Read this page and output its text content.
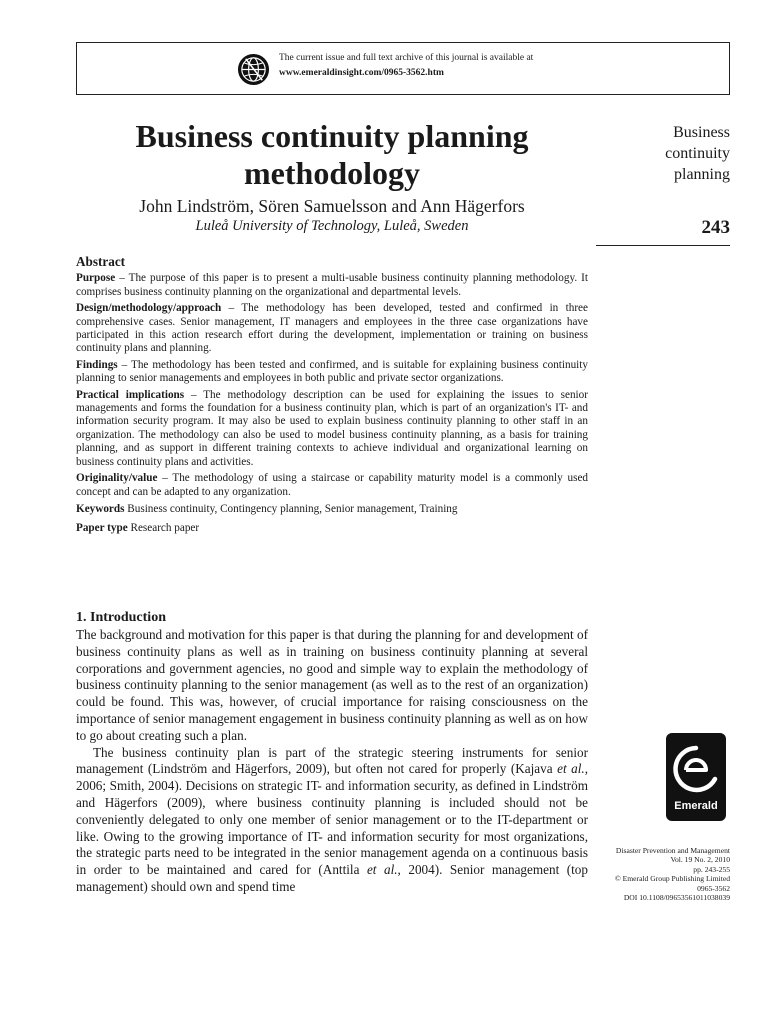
The current issue and full text archive of this journal is available at
www.emeraldinsight.com/0965-3562.htm
Business continuity planning methodology
John Lindström, Sören Samuelsson and Ann Hägerfors
Luleå University of Technology, Luleå, Sweden
Business
continuity
planning
243
Abstract
Purpose – The purpose of this paper is to present a multi-usable business continuity planning methodology. It comprises business continuity planning on the organizational and departmental levels.
Design/methodology/approach – The methodology has been developed, tested and confirmed in three comprehensive cases. Senior management, IT managers and employees in the three case organizations have participated in this action research effort during the development, implementation or training on business continuity plans and planning.
Findings – The methodology has been tested and confirmed, and is suitable for explaining business continuity planning to senior managements and employees in both public and private sector organizations.
Practical implications – The methodology description can be used for explaining the issues to senior managements and forms the foundation for a business continuity plan, which is part of an organization's IT- and information security program. It may also be used to explain business continuity planning to other staff in an organization. The methodology can also be used to model business continuity planning, as a basis for training planning, and as support in different training contexts to achieve individual and organizational learning on business continuity plans and activities.
Originality/value – The methodology of using a staircase or capability maturity model is a commonly used concept and can be adapted to any organization.
Keywords Business continuity, Contingency planning, Senior management, Training
Paper type Research paper
1. Introduction

The background and motivation for this paper is that during the planning for and development of business continuity plans as well as in training on business continuity planning at several corporations and government agencies, no good and simple way to explain the methodology of business continuity planning to the senior management (as well as to the rest of an organization) could be found. This was, however, of crucial importance for raising consciousness on the importance of senior management engagement in business continuity planning as well as on how to go about creating such a plan.

The business continuity plan is part of the strategic steering instruments for senior management (Lindström and Hägerfors, 2009), but often not cared for properly (Kajava et al., 2006; Smith, 2004). Decisions on strategic IT- and information security, as defined in Lindström and Hägerfors (2009), where business continuity planning is included should not be conveniently delegated to only one member of senior management or to the IT-department or like. Owing to the growing importance of IT- and information security for most organizations, the strategic parts need to be integrated in the senior management agenda on a continuous basis in order to be maintained and cared for (Anttila et al., 2004). Senior management (top management) should own and spend time

Emerald
Disaster Prevention and Management
Vol. 19 No. 2, 2010
pp. 243-255
© Emerald Group Publishing Limited
0965-3562
DOI 10.1108/09653561011038039
